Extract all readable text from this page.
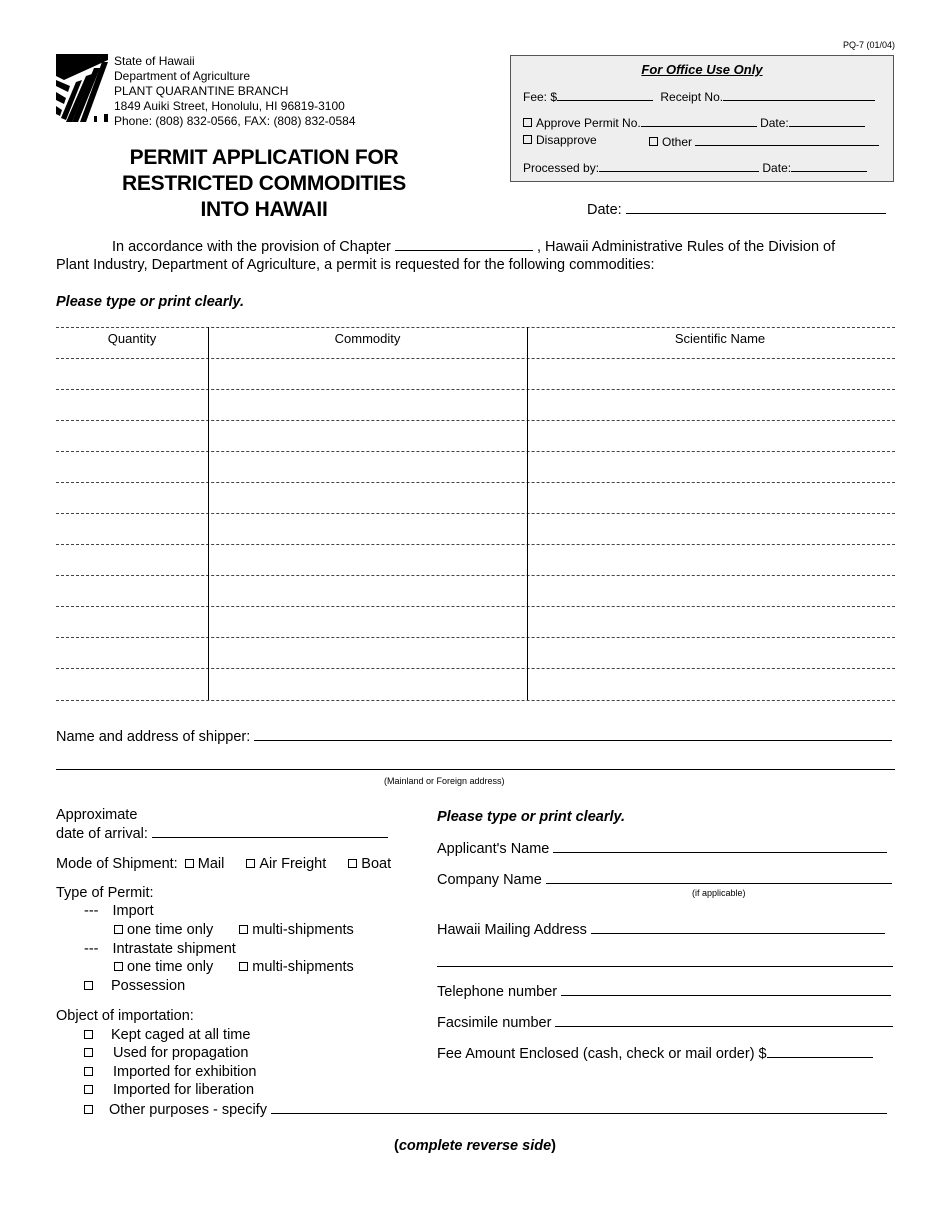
PQ-7 (01/04)
State of Hawaii
Department of Agriculture
PLANT QUARANTINE BRANCH
1849 Auiki Street, Honolulu, HI 96819-3100
Phone: (808) 832-0566, FAX: (808) 832-0584
PERMIT APPLICATION FOR
RESTRICTED COMMODITIES
INTO HAWAII
For Office Use Only
Fee: $	Receipt No.
Approve Permit No.	Date:
Disapprove	Other
Processed by:	Date:
Date:
In accordance with the provision of Chapter	, Hawaii Administrative Rules of the Division of
Plant Industry, Department of Agriculture, a permit is requested for the following commodities:
Please type or print clearly.
Quantity	Commodity	Scientific Name
Name and address of shipper:
(Mainland or Foreign address)
Approximate
date of arrival:
Mode of Shipment: Mail Air Freight Boat
Type of Permit:
--- Import
one time only	multi-shipments
--- Intrastate shipment
one time only	multi-shipments
Possession
Object of importation:
Kept caged at all time
Used for propagation
Imported for exhibition
Imported for liberation
Other purposes - specify
Please type or print clearly.
Applicant's Name
Company Name
(if applicable)
Hawaii Mailing Address
Telephone number
Facsimile number
Fee Amount Enclosed (cash, check or mail order) $
(complete reverse side)
